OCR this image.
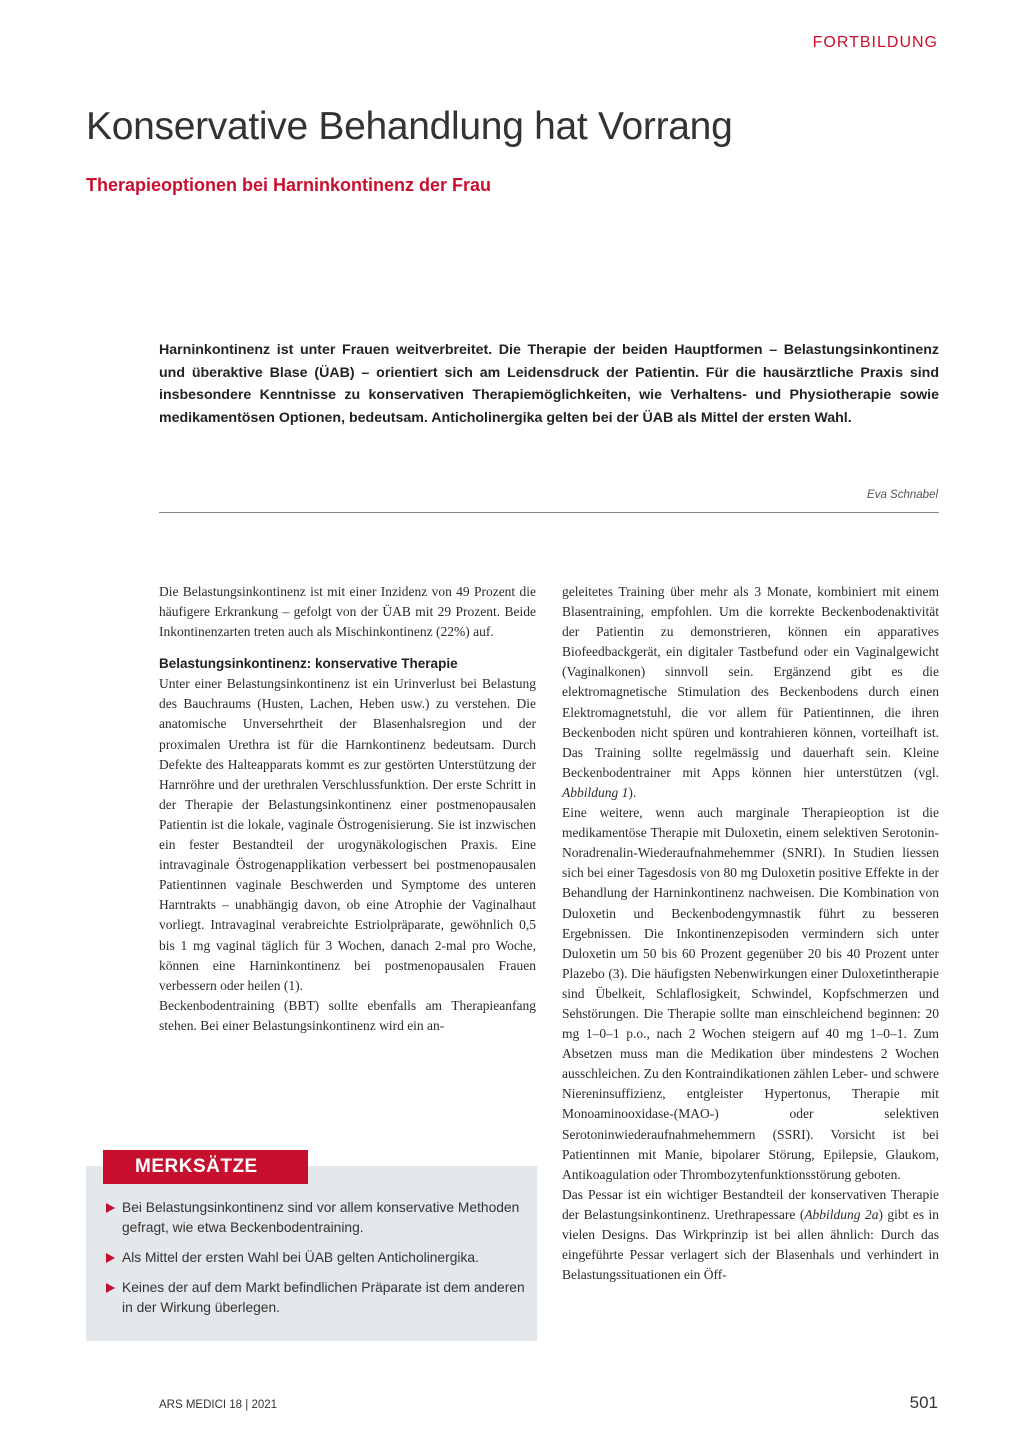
FORTBILDUNG
Konservative Behandlung hat Vorrang
Therapieoptionen bei Harninkontinenz der Frau

Harninkontinenz ist unter Frauen weitverbreitet. Die Therapie der beiden Hauptformen – Belastungsinkontinenz und überaktive Blase (ÜAB) – orientiert sich am Leidensdruck der Patientin. Für die hausärztliche Praxis sind insbesondere Kenntnisse zu konservativen Therapiemöglichkeiten, wie Verhaltens- und Physiotherapie sowie medikamentösen Optionen, bedeutsam. Anticholinergika gelten bei der ÜAB als Mittel der ersten Wahl.

Eva Schnabel

Die Belastungsinkontinenz ist mit einer Inzidenz von 49 Prozent die häufigere Erkrankung – gefolgt von der ÜAB mit 29 Prozent. Beide Inkontinenzarten treten auch als Mischinkontinenz (22%) auf.

Belastungsinkontinenz: konservative Therapie

Unter einer Belastungsinkontinenz ist ein Urinverlust bei Belastung des Bauchraums (Husten, Lachen, Heben usw.) zu verstehen. Die anatomische Unversehrtheit der Blasenhalsregion und der proximalen Urethra ist für die Harnkontinenz bedeutsam. Durch Defekte des Halteapparats kommt es zur gestörten Unterstützung der Harnröhre und der urethralen Verschlussfunktion. Der erste Schritt in der Therapie der Belastungsinkontinenz einer postmenopausalen Patientin ist die lokale, vaginale Östrogenisierung. Sie ist inzwischen ein fester Bestandteil der urogynäkologischen Praxis. Eine intravaginale Östrogenapplikation verbessert bei postmenopausalen Patientinnen vaginale Beschwerden und Symptome des unteren Harntrakts – unabhängig davon, ob eine Atrophie der Vaginalhaut vorliegt. Intravaginal verabreichte Estriolpräparate, gewöhnlich 0,5 bis 1 mg vaginal täglich für 3 Wochen, danach 2-mal pro Woche, können eine Harninkontinenz bei postmenopausalen Frauen verbessern oder heilen (1).

Beckenbodentraining (BBT) sollte ebenfalls am Therapieanfang stehen. Bei einer Belastungsinkontinenz wird ein an-

geleitetes Training über mehr als 3 Monate, kombiniert mit einem Blasentraining, empfohlen. Um die korrekte Beckenbodenaktivität der Patientin zu demonstrieren, können ein apparatives Biofeedbackgerät, ein digitaler Tastbefund oder ein Vaginalgewicht (Vaginalkonen) sinnvoll sein. Ergänzend gibt es die elektromagnetische Stimulation des Beckenbodens durch einen Elektromagnetstuhl, die vor allem für Patientinnen, die ihren Beckenboden nicht spüren und kontrahieren können, vorteilhaft ist. Das Training sollte regelmässig und dauerhaft sein. Kleine Beckenbodentrainer mit Apps können hier unterstützen (vgl. Abbildung 1).

Eine weitere, wenn auch marginale Therapieoption ist die medikamentöse Therapie mit Duloxetin, einem selektiven Serotonin-Noradrenalin-Wiederaufnahmehemmer (SNRI). In Studien liessen sich bei einer Tagesdosis von 80 mg Duloxetin positive Effekte in der Behandlung der Harninkontinenz nachweisen. Die Kombination von Duloxetin und Beckenbodengymnastik führt zu besseren Ergebnissen. Die Inkontinenzepisoden vermindern sich unter Duloxetin um 50 bis 60 Prozent gegenüber 20 bis 40 Prozent unter Plazebo (3). Die häufigsten Nebenwirkungen einer Duloxetintherapie sind Übelkeit, Schlaflosigkeit, Schwindel, Kopfschmerzen und Sehstörungen. Die Therapie sollte man einschleichend beginnen: 20 mg 1–0–1 p.o., nach 2 Wochen steigern auf 40 mg 1–0–1. Zum Absetzen muss man die Medikation über mindestens 2 Wochen ausschleichen. Zu den Kontraindikationen zählen Leber- und schwere Niereninsuffizienz, entgleister Hypertonus, Therapie mit Monoaminooxidase-(MAO-) oder selektiven Serotoninwiederaufnahmehemmern (SSRI). Vorsicht ist bei Patientinnen mit Manie, bipolarer Störung, Epilepsie, Glaukom, Antikoagulation oder Thrombozytenfunktionsstörung geboten.

Das Pessar ist ein wichtiger Bestandteil der konservativen Therapie der Belastungsinkontinenz. Urethrapessare (Abbildung 2a) gibt es in vielen Designs. Das Wirkprinzip ist bei allen ähnlich: Durch das eingeführte Pessar verlagert sich der Blasenhals und verhindert in Belastungssituationen ein Öff-

Bei Belastungsinkontinenz sind vor allem konservative Methoden gefragt, wie etwa Beckenbodentraining.
Als Mittel der ersten Wahl bei ÜAB gelten Anticholinergika.
Keines der auf dem Markt befindlichen Präparate ist dem anderen in der Wirkung überlegen.
MERKSÄTZE
ARS MEDICI 18 | 2021	501
